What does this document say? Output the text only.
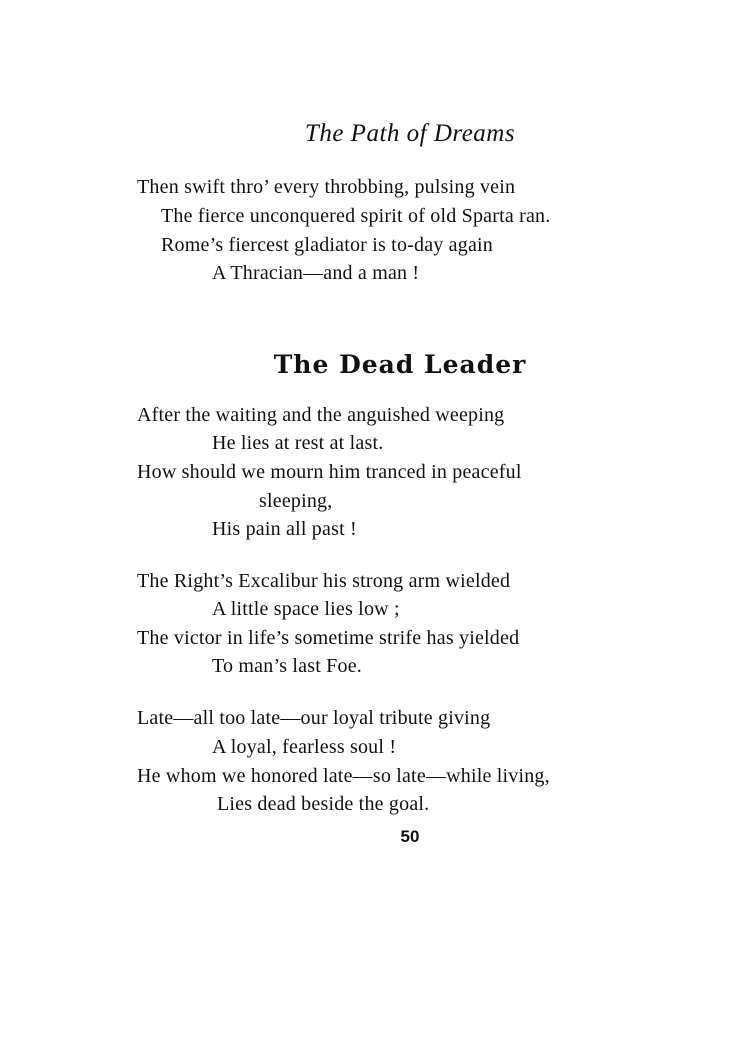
The Path of Dreams
Then swift thro’ every throbbing, pulsing vein
The fierce unconquered spirit of old Sparta ran.
Rome’s fiercest gladiator is to-day again
A Thracian—and a man !
The Dead Leader
After the waiting and the anguished weeping
He lies at rest at last.
How should we mourn him tranced in peaceful
sleeping,
His pain all past !
The Right’s Excalibur his strong arm wielded
A little space lies low ;
The victor in life’s sometime strife has yielded
To man’s last Foe.
Late—all too late—our loyal tribute giving
A loyal, fearless soul !
He whom we honored late—so late—while living,
Lies dead beside the goal.
50
